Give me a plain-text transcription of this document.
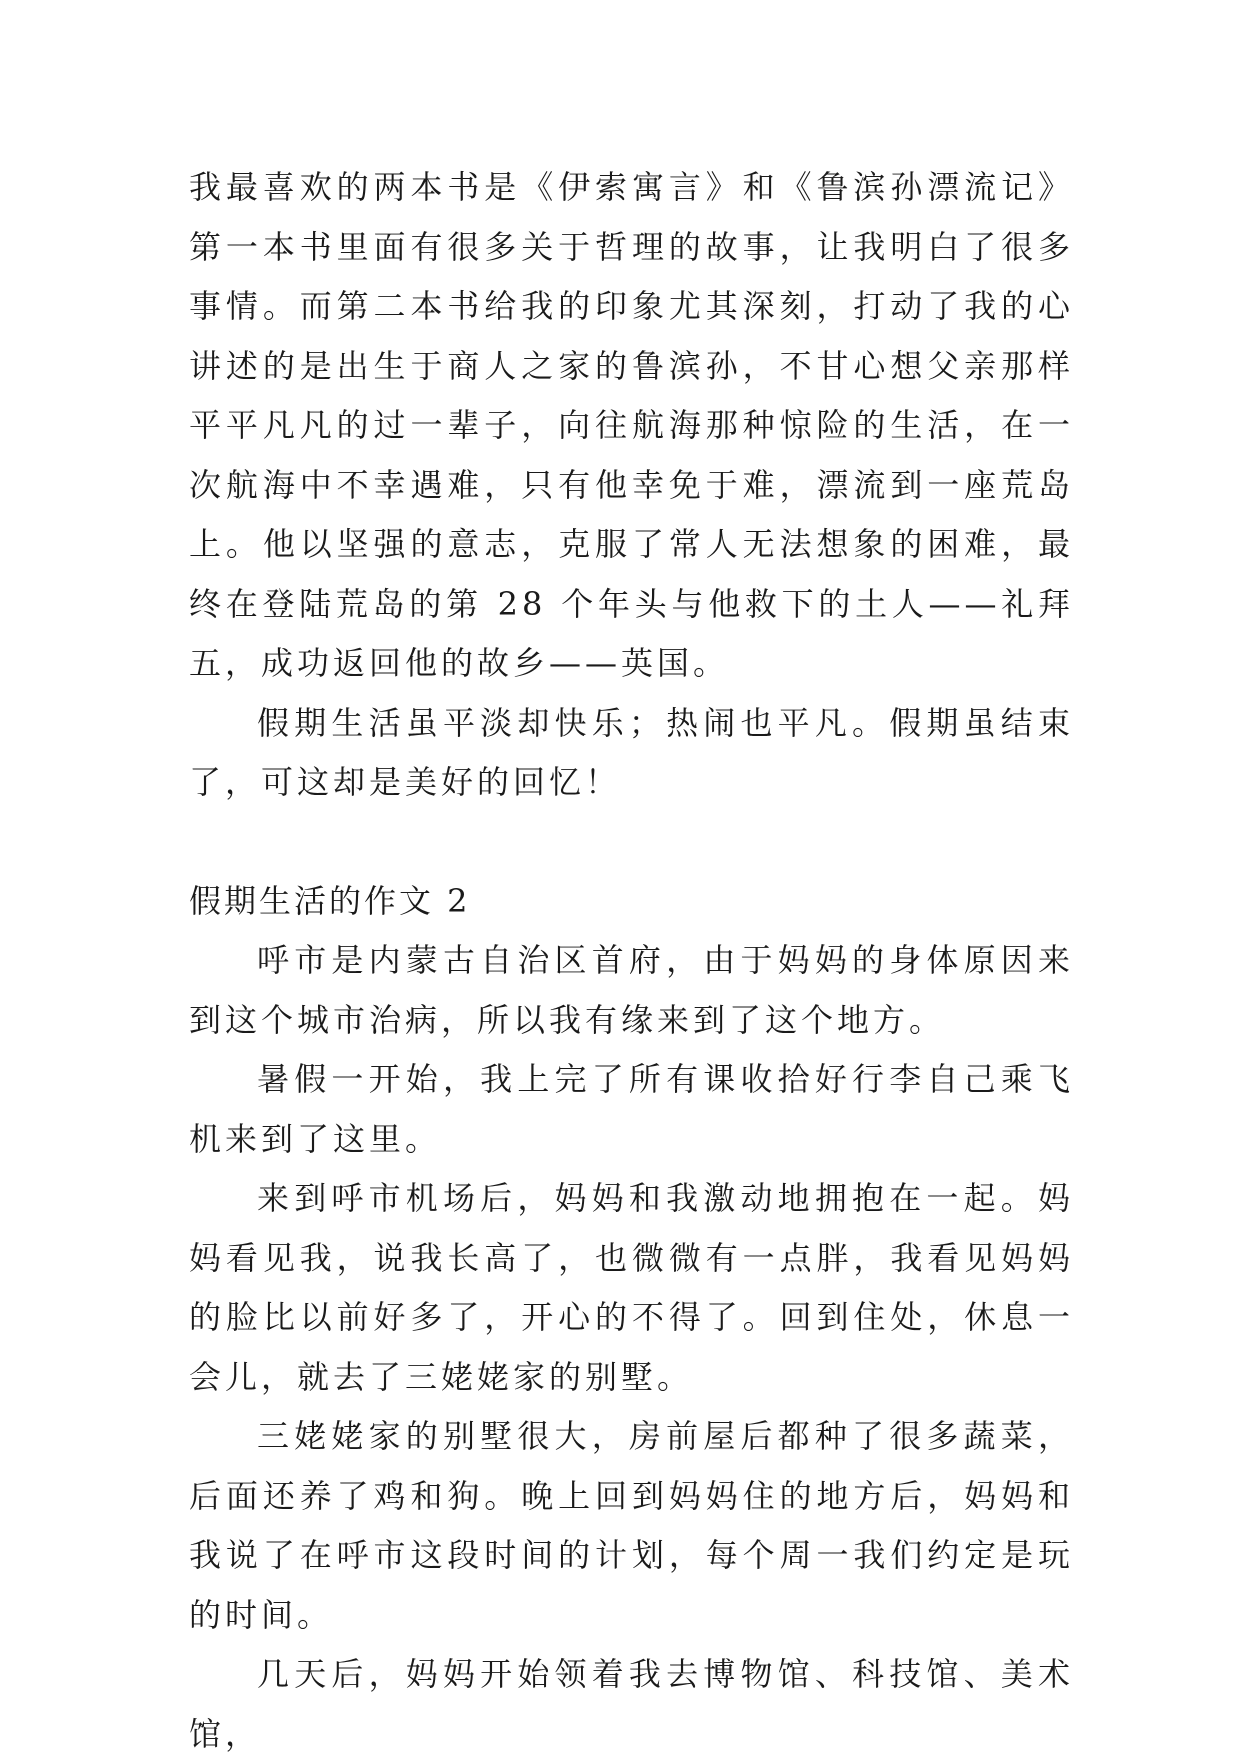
我最喜欢的两本书是《伊索寓言》和《鲁滨孙漂流记》第一本书里面有很多关于哲理的故事，让我明白了很多事情。而第二本书给我的印象尤其深刻，打动了我的心讲述的是出生于商人之家的鲁滨孙，不甘心想父亲那样平平凡凡的过一辈子，向往航海那种惊险的生活，在一次航海中不幸遇难，只有他幸免于难，漂流到一座荒岛上。他以坚强的意志，克服了常人无法想象的困难，最终在登陆荒岛的第 28 个年头与他救下的土人——礼拜五，成功返回他的故乡——英国。

假期生活虽平淡却快乐；热闹也平凡。假期虽结束了，可这却是美好的回忆！

假期生活的作文 2

呼市是内蒙古自治区首府，由于妈妈的身体原因来到这个城市治病，所以我有缘来到了这个地方。

暑假一开始，我上完了所有课收拾好行李自己乘飞机来到了这里。

来到呼市机场后，妈妈和我激动地拥抱在一起。妈妈看见我，说我长高了，也微微有一点胖，我看见妈妈的脸比以前好多了，开心的不得了。回到住处，休息一会儿，就去了三姥姥家的别墅。

三姥姥家的别墅很大，房前屋后都种了很多蔬菜，后面还养了鸡和狗。晚上回到妈妈住的地方后，妈妈和我说了在呼市这段时间的计划，每个周一我们约定是玩的时间。

几天后，妈妈开始领着我去博物馆、科技馆、美术馆，
